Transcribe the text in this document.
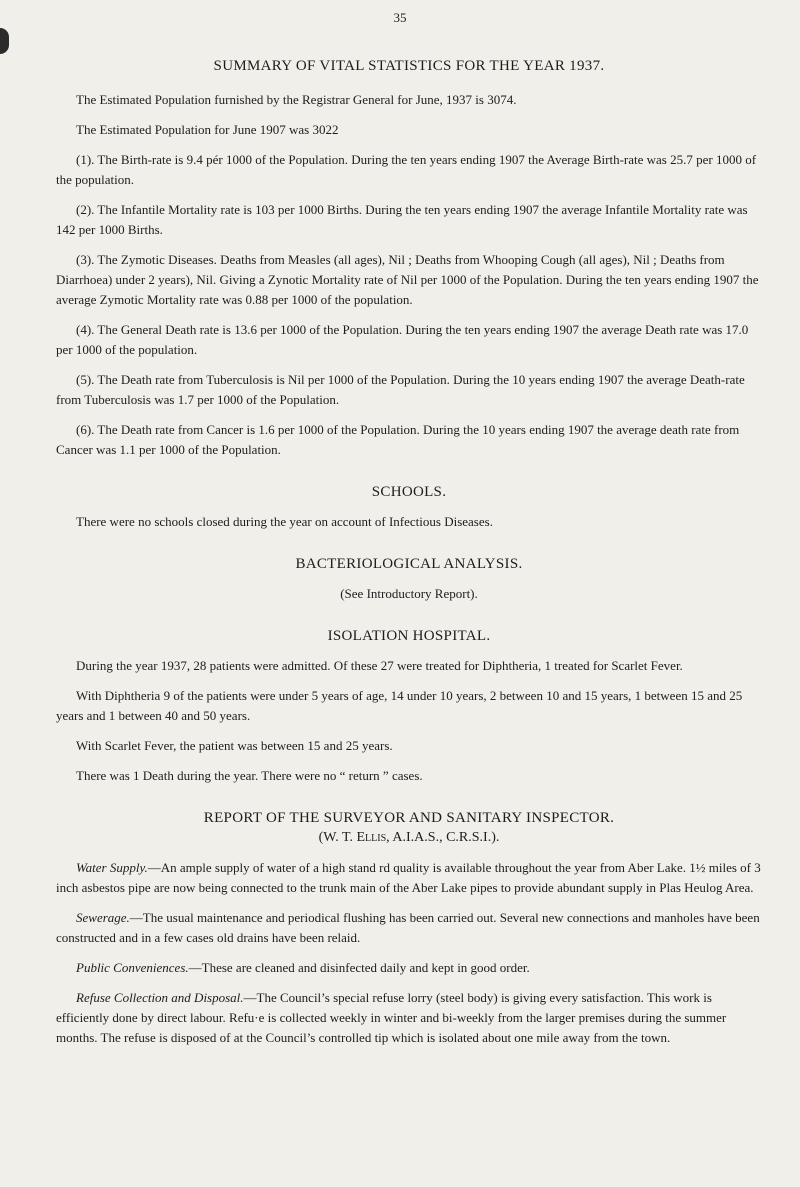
35
SUMMARY OF VITAL STATISTICS FOR THE YEAR 1937.

The Estimated Population furnished by the Registrar General for June, 1937 is 3074.

The Estimated Population for June 1907 was 3022

(1). The Birth-rate is 9.4 pér 1000 of the Population. During the ten years ending 1907 the Average Birth-rate was 25.7 per 1000 of the population.

(2). The Infantile Mortality rate is 103 per 1000 Births. During the ten years ending 1907 the average Infantile Mortality rate was 142 per 1000 Births.

(3). The Zymotic Diseases. Deaths from Measles (all ages), Nil ; Deaths from Whooping Cough (all ages), Nil ; Deaths from Diarrhoea) under 2 years), Nil. Giving a Zynotic Mortality rate of Nil per 1000 of the Population. During the ten years ending 1907 the average Zymotic Mortality rate was 0.88 per 1000 of the population.

(4). The General Death rate is 13.6 per 1000 of the Population. During the ten years ending 1907 the average Death rate was 17.0 per 1000 of the population.

(5). The Death rate from Tuberculosis is Nil per 1000 of the Population. During the 10 years ending 1907 the average Death-rate from Tuberculosis was 1.7 per 1000 of the Population.

(6). The Death rate from Cancer is 1.6 per 1000 of the Population. During the 10 years ending 1907 the average death rate from Cancer was 1.1 per 1000 of the Population.

SCHOOLS.

There were no schools closed during the year on account of Infectious Diseases.

BACTERIOLOGICAL ANALYSIS.

(See Introductory Report).

ISOLATION HOSPITAL.

During the year 1937, 28 patients were admitted. Of these 27 were treated for Diphtheria, 1 treated for Scarlet Fever.

With Diphtheria 9 of the patients were under 5 years of age, 14 under 10 years, 2 between 10 and 15 years, 1 between 15 and 25 years and 1 between 40 and 50 years.

With Scarlet Fever, the patient was between 15 and 25 years.

There was 1 Death during the year. There were no “ return ” cases.

REPORT OF THE SURVEYOR AND SANITARY INSPECTOR.

(W. T. Ellis, A.I.A.S., C.R.S.I.).

Water Supply.—An ample supply of water of a high stand rd quality is available throughout the year from Aber Lake. 1½ miles of 3 inch asbestos pipe are now being connected to the trunk main of the Aber Lake pipes to provide abundant supply in Plas Heulog Area.

Sewerage.—The usual maintenance and periodical flushing has been carried out. Several new connections and manholes have been constructed and in a few cases old drains have been relaid.

Public Conveniences.—These are cleaned and disinfected daily and kept in good order.

Refuse Collection and Disposal.—The Council’s special refuse lorry (steel body) is giving every satisfaction. This work is efficiently done by direct labour. Refu·e is collected weekly in winter and bi-weekly from the larger premises during the summer months. The refuse is disposed of at the Council’s controlled tip which is isolated about one mile away from the town.
